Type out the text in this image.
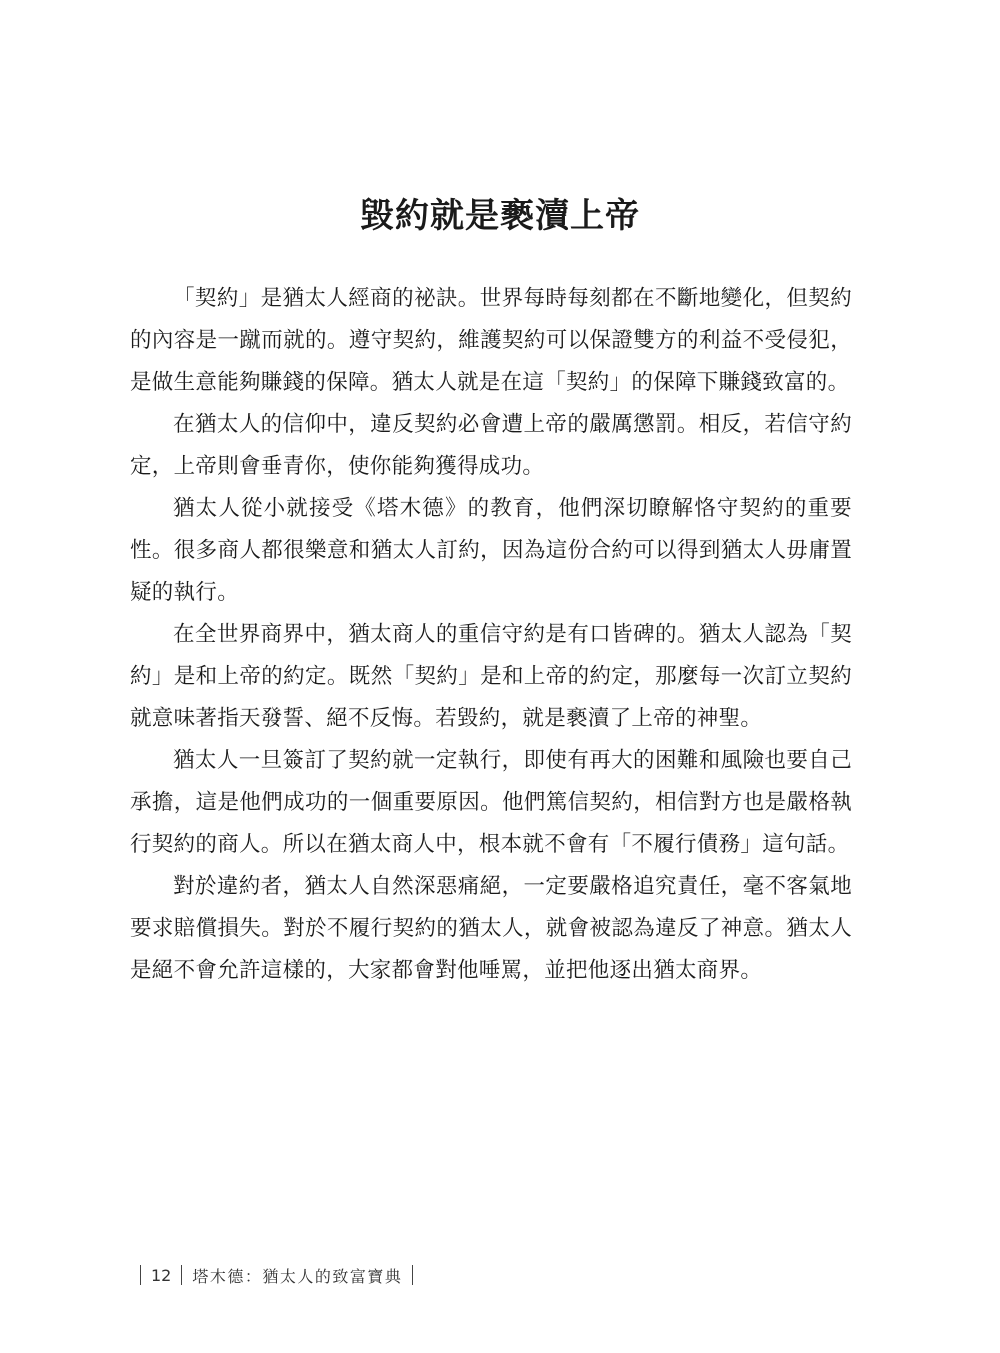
毀約就是褻瀆上帝

「契約」是猶太人經商的祕訣。世界每時每刻都在不斷地變化，但契約的內容是一蹴而就的。遵守契約，維護契約可以保證雙方的利益不受侵犯，是做生意能夠賺錢的保障。猶太人就是在這「契約」的保障下賺錢致富的。

在猶太人的信仰中，違反契約必會遭上帝的嚴厲懲罰。相反，若信守約定，上帝則會垂青你，使你能夠獲得成功。

猶太人從小就接受《塔木德》的教育，他們深切瞭解恪守契約的重要性。很多商人都很樂意和猶太人訂約，因為這份合約可以得到猶太人毋庸置疑的執行。

在全世界商界中，猶太商人的重信守約是有口皆碑的。猶太人認為「契約」是和上帝的約定。既然「契約」是和上帝的約定，那麼每一次訂立契約就意味著指天發誓、絕不反悔。若毀約，就是褻瀆了上帝的神聖。

猶太人一旦簽訂了契約就一定執行，即使有再大的困難和風險也要自己承擔，這是他們成功的一個重要原因。他們篤信契約，相信對方也是嚴格執行契約的商人。所以在猶太商人中，根本就不會有「不履行債務」這句話。

對於違約者，猶太人自然深惡痛絕，一定要嚴格追究責任，毫不客氣地要求賠償損失。對於不履行契約的猶太人，就會被認為違反了神意。猶太人是絕不會允許這樣的，大家都會對他唾罵，並把他逐出猶太商界。

12 塔木德：猶太人的致富寶典
